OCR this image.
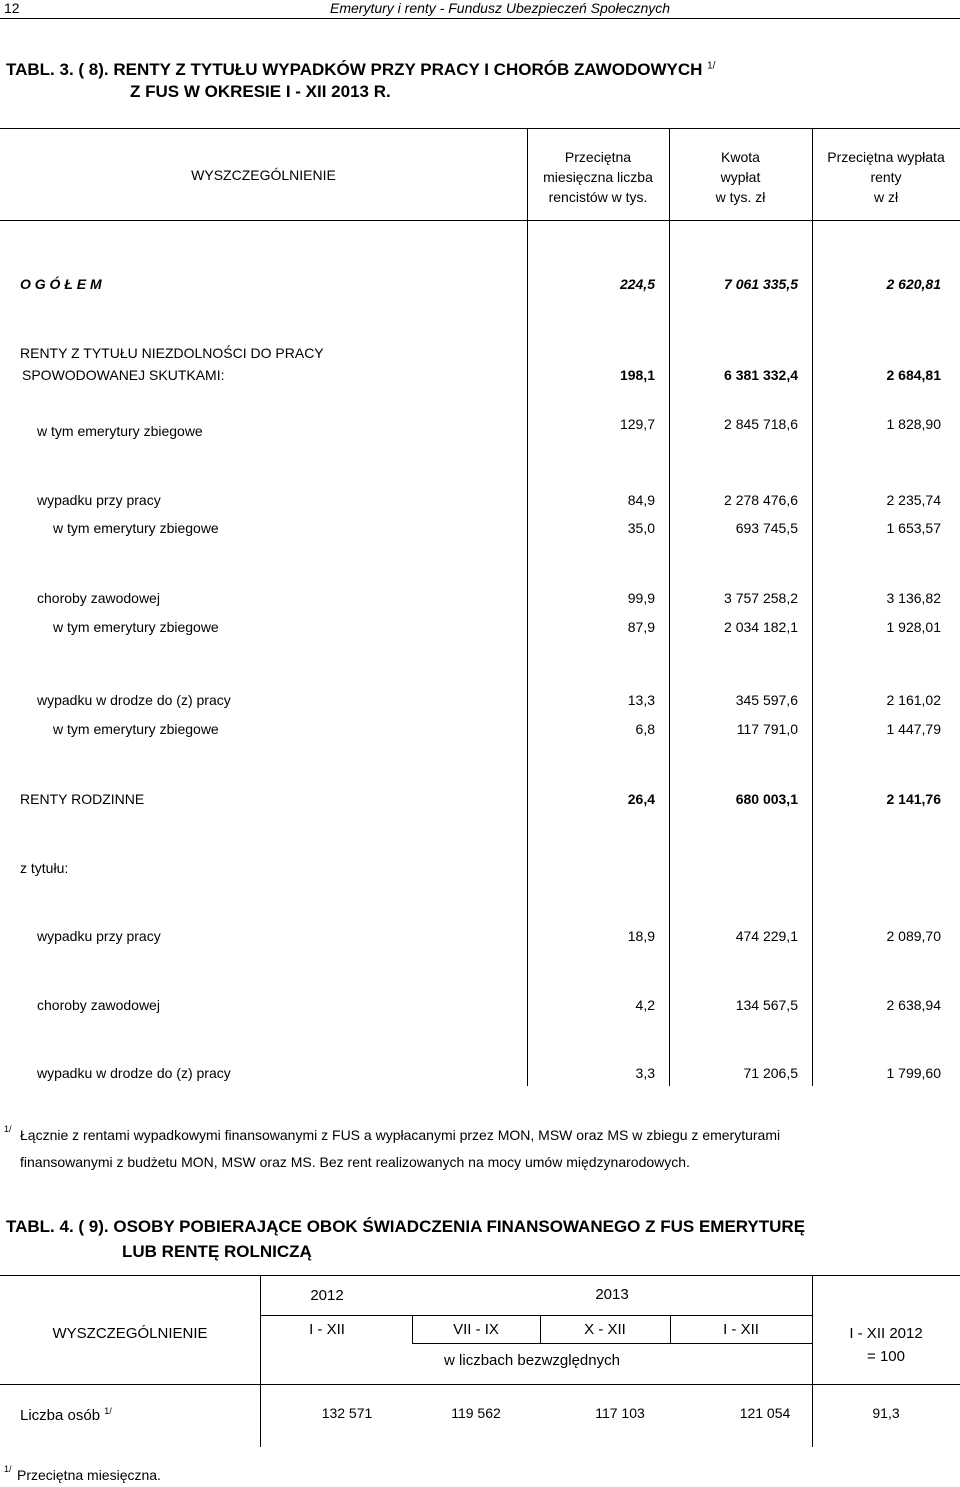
12	Emerytury i renty - Fundusz Ubezpieczeń Społecznych
TABL. 3. ( 8). RENTY Z TYTUŁU WYPADKÓW PRZY PRACY I CHORÓB ZAWODOWYCH $^{1/}$
Z FUS W OKRESIE I - XII 2013 R.
WYSZCZEGÓLNIENIE
Przeciętna
miesięczna liczba
rencistów w tys.
Kwota
wypłat
w tys. zł
Przeciętna wypłata
renty
w zł
O G Ó Ł E M	224,5	7 061 335,5	2 620,81
RENTY Z TYTUŁU NIEZDOLNOŚCI DO PRACY
SPOWODOWANEJ SKUTKAMI:	198,1	6 381 332,4	2 684,81
w tym emerytury zbiegowe	129,7	2 845 718,6	1 828,90
wypadku przy pracy	84,9	2 278 476,6	2 235,74
w tym emerytury zbiegowe	35,0	693 745,5	1 653,57
choroby zawodowej	99,9	3 757 258,2	3 136,82
w tym emerytury zbiegowe	87,9	2 034 182,1	1 928,01
wypadku w drodze do (z) pracy	13,3	345 597,6	2 161,02
w tym emerytury zbiegowe	6,8	117 791,0	1 447,79
RENTY RODZINNE	26,4	680 003,1	2 141,76
z tytułu:
wypadku przy pracy	18,9	474 229,1	2 089,70
choroby zawodowej	4,2	134 567,5	2 638,94
wypadku w drodze do (z) pracy	3,3	71 206,5	1 799,60
$^{1/}$ Łącznie z rentami wypadkowymi finansowanymi z FUS a wypłacanymi przez MON, MSW oraz MS w zbiegu z emeryturami
finansowanymi z budżetu MON, MSW oraz MS. Bez rent realizowanych na mocy umów międzynarodowych.
TABL. 4. ( 9). OSOBY POBIERAJĄCE OBOK ŚWIADCZENIA FINANSOWANEGO Z FUS EMERYTURĘ
LUB RENTĘ ROLNICZĄ
WYSZCZEGÓLNIENIE
2012	2013
I - XII	VII - IX	X - XII	I - XII
w liczbach bezwzględnych
I - XII 2012
= 100
Liczba osób $^{1/}$	132 571	119 562	117 103	121 054	91,3
$^{1/}$ Przeciętna miesięczna.
